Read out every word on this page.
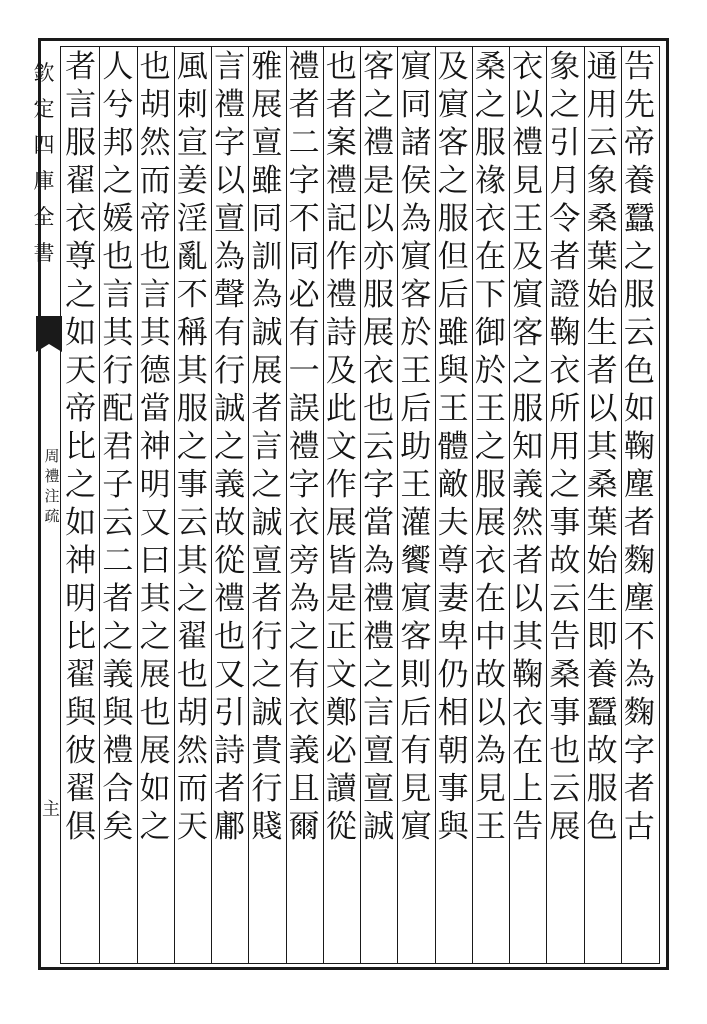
欽
定
四
庫
全
書
周
禮
注
疏
主
告
先
帝
養
蠶
之
服
云
色
如
鞠
塵
者
麴
塵
不
為
麴
字
者
古
通
用
云
象
桑
葉
始
生
者
以
其
桑
葉
始
生
即
養
蠶
故
服
色
象
之
引
月
令
者
證
鞠
衣
所
用
之
事
故
云
告
桑
事
也
云
展
衣
以
禮
見
王
及
賔
客
之
服
知
義
然
者
以
其
鞠
衣
在
上
告
桑
之
服
禒
衣
在
下
御
於
王
之
服
展
衣
在
中
故
以
為
見
王
及
賔
客
之
服
但
后
雖
與
王
體
敵
夫
尊
妻
卑
仍
相
朝
事
與
賔
同
諸
侯
為
賔
客
於
王
后
助
王
灌
饗
賔
客
則
后
有
見
賔
客
之
禮
是
以
亦
服
展
衣
也
云
字
當
為
禮
禮
之
言
亶
亶
誠
也
者
案
禮
記
作
禮
詩
及
此
文
作
展
皆
是
正
文
鄭
必
讀
從
禮
者
二
字
不
同
必
有
一
誤
禮
字
衣
旁
為
之
有
衣
義
且
爾
雅
展
亶
雖
同
訓
為
誠
展
者
言
之
誠
亶
者
行
之
誠
貴
行
賤
言
禮
字
以
亶
為
聲
有
行
誠
之
義
故
從
禮
也
又
引
詩
者
鄘
風
刺
宣
姜
淫
亂
不
稱
其
服
之
事
云
其
之
翟
也
胡
然
而
天
也
胡
然
而
帝
也
言
其
德
當
神
明
又
曰
其
之
展
也
展
如
之
人
兮
邦
之
媛
也
言
其
行
配
君
子
云
二
者
之
義
與
禮
合
矣
者
言
服
翟
衣
尊
之
如
天
帝
比
之
如
神
明
比
翟
與
彼
翟
俱
